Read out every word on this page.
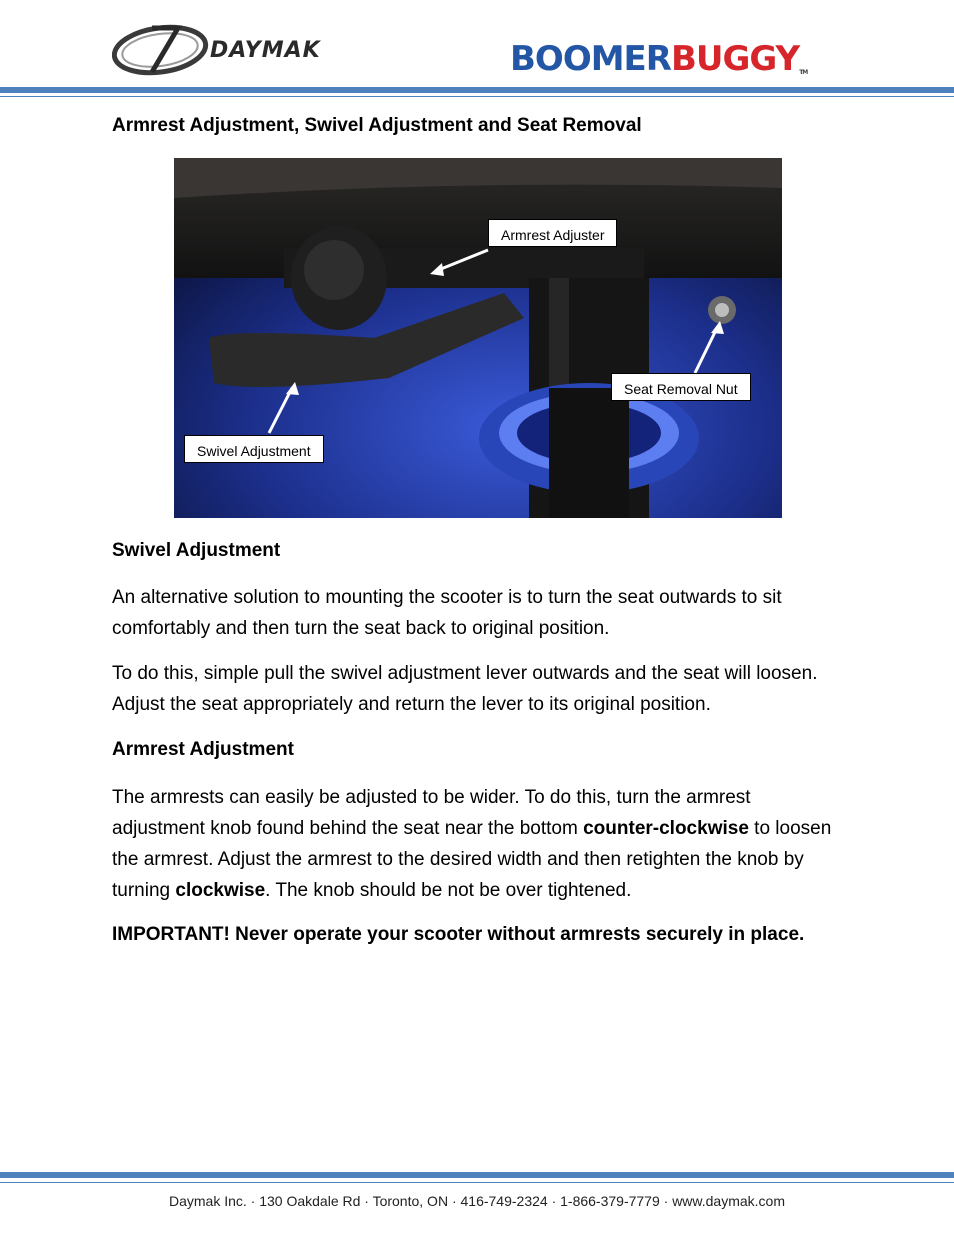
DAYMAK	BOOMERBUGGYTM
Armrest Adjustment, Swivel Adjustment and Seat Removal
Armrest Adjuster
Seat Removal Nut
Swivel Adjustment
Swivel Adjustment
An alternative solution to mounting the scooter is to turn the seat outwards to sit comfortably and then turn the seat back to original position.
To do this, simple pull the swivel adjustment lever outwards and the seat will loosen. Adjust the seat appropriately and return the lever to its original position.
Armrest Adjustment
The armrests can easily be adjusted to be wider. To do this, turn the armrest adjustment knob found behind the seat near the bottom counter-clockwise to loosen the armrest. Adjust the armrest to the desired width and then retighten the knob by turning clockwise. The knob should be not be over tightened.
IMPORTANT! Never operate your scooter without armrests securely in place.
Daymak Inc. · 130 Oakdale Rd · Toronto, ON · 416-749-2324 · 1-866-379-7779 · www.daymak.com
